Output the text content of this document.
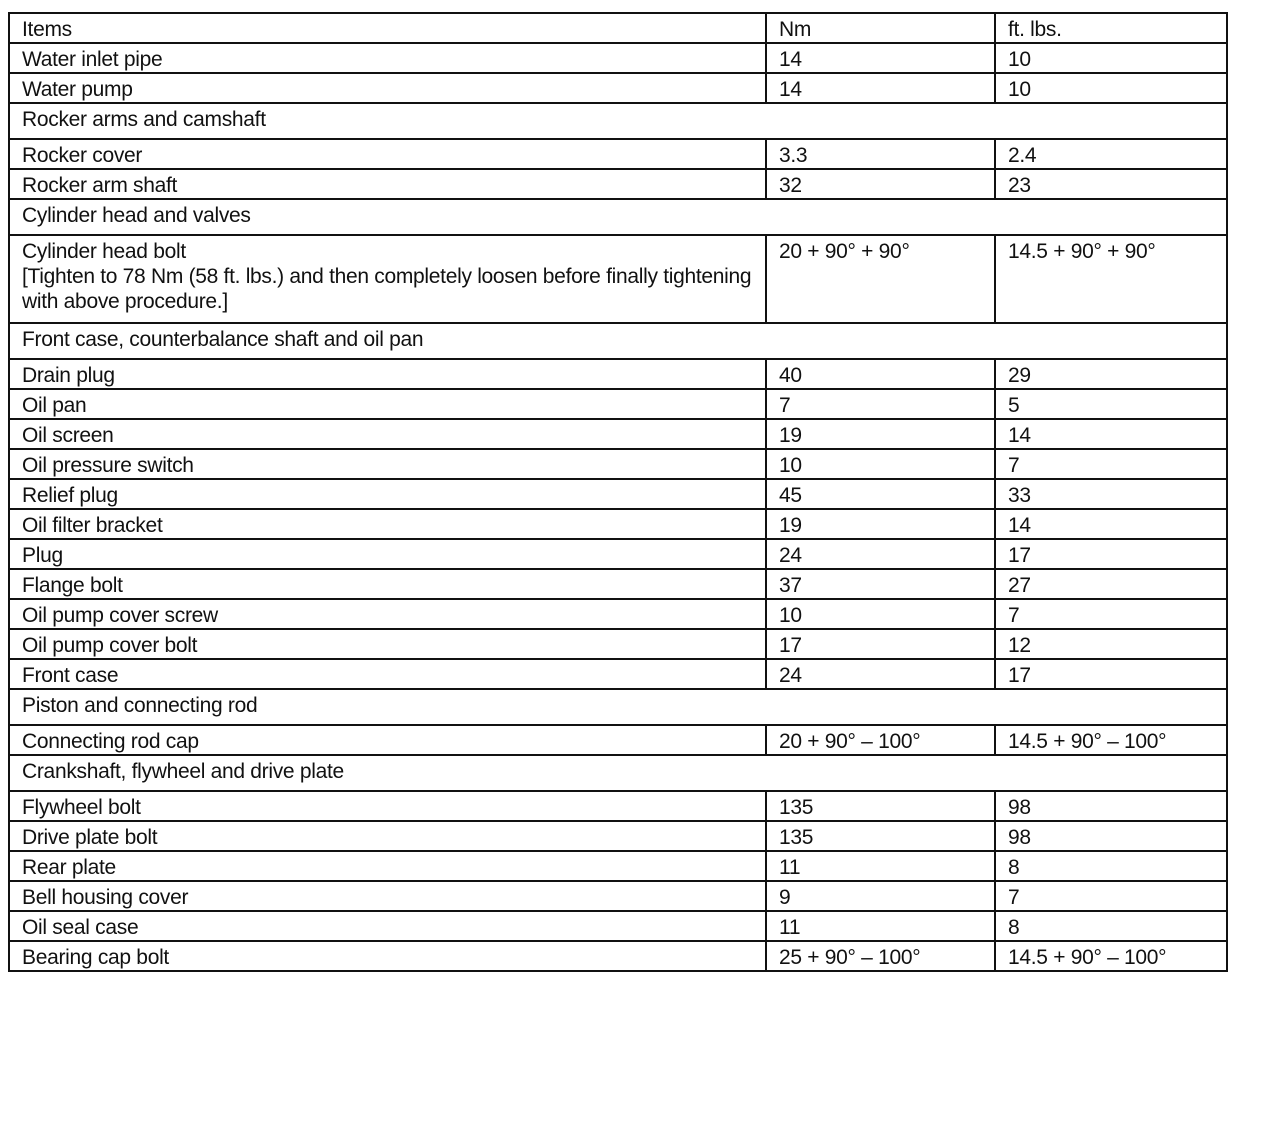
Items	Nm	ft. lbs.
Water inlet pipe	14	10
Water pump	14	10
Rocker arms and camshaft		
Rocker cover	3.3	2.4
Rocker arm shaft	32	23
Cylinder head and valves		

Cylinder head bolt
[Tighten to 78 Nm (58 ft. lbs.) and then completely loosen before finally tightening with above procedure.]	20 + 90° + 90°	14.5 + 90° + 90°
Front case, counterbalance shaft and oil pan		
Drain plug	40	29
Oil pan	7	5
Oil screen	19	14
Oil pressure switch	10	7
Relief plug	45	33
Oil filter bracket	19	14
Plug	24	17
Flange bolt	37	27
Oil pump cover screw	10	7
Oil pump cover bolt	17	12
Front case	24	17
Piston and connecting rod		
Connecting rod cap	20 + 90° – 100°	14.5 + 90° – 100°
Crankshaft, flywheel and drive plate		
Flywheel bolt	135	98
Drive plate bolt	135	98
Rear plate	11	8
Bell housing cover	9	7
Oil seal case	11	8
Bearing cap bolt	25 + 90° – 100°	14.5 + 90° – 100°
